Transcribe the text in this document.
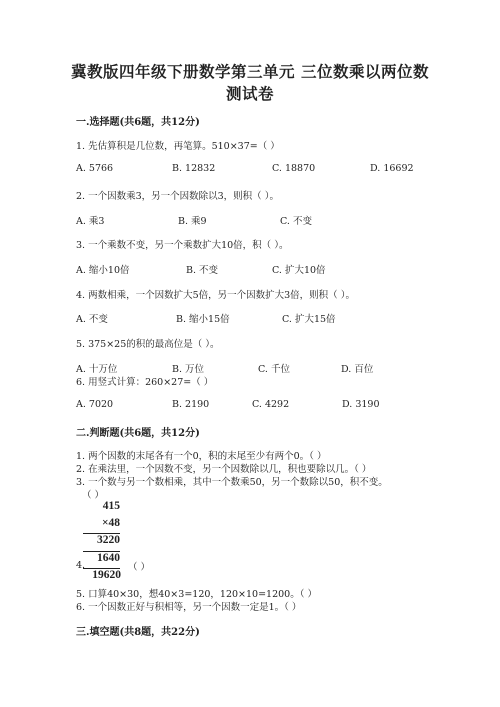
冀教版四年级下册数学第三单元 三位数乘以两位数
测试卷
一.选择题(共6题，共12分)
1. 先估算积是几位数，再笔算。510×37=（ ）
A. 5766	B. 12832	C. 18870	D. 16692
2. 一个因数乘3，另一个因数除以3，则积（ ）。
A. 乘3	B. 乘9	C. 不变
3. 一个乘数不变，另一个乘数扩大10倍，积（ ）。
A. 缩小10倍	B. 不变	C. 扩大10倍
4. 两数相乘，一个因数扩大5倍，另一个因数扩大3倍，则积（ ）。
A. 不变	B. 缩小15倍	C. 扩大15倍
5. 375×25的积的最高位是（ ）。
A. 十万位	B. 万位	C. 千位	D. 百位
6. 用竖式计算：260×27=（ ）
A. 7020	B. 2190	C. 4292	D. 3190
二.判断题(共6题，共12分)
1. 两个因数的末尾各有一个0，积的末尾至少有两个0。（ ）
2. 在乘法里，一个因数不变，另一个因数除以几，积也要除以几。（ ）
3. 一个数与另一个数相乘，其中一个数乘50，另一个数除以50，积不变。
（ ）
415
×48
3220
4.
1640
19620
（ ）
5. 口算40×30，想40×3=120，120×10=1200。（ ）
6. 一个因数正好与积相等，另一个因数一定是1。（ ）
三.填空题(共8题，共22分)
